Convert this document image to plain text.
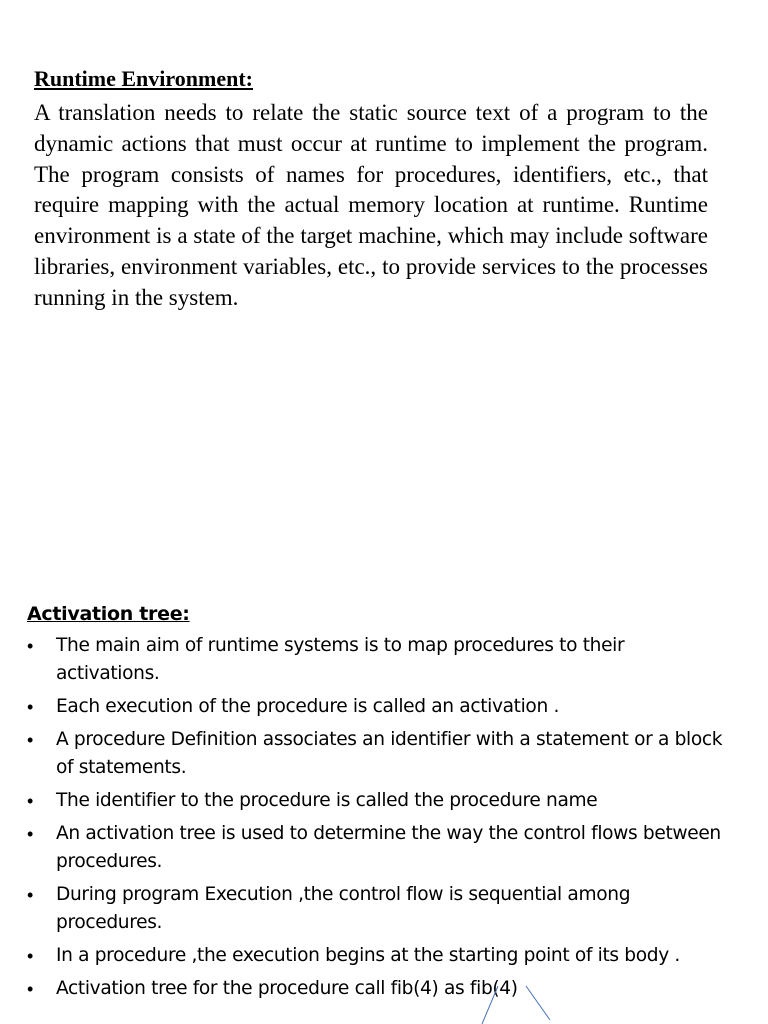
Runtime Environment:

A translation needs to relate the static source text of a program to the dynamic actions that must occur at runtime to implement the program. The program consists of names for procedures, identifiers, etc., that require mapping with the actual memory location at runtime. Runtime environment is a state of the target machine, which may include software libraries, environment variables, etc., to provide services to the processes running in the system.

Activation tree:
• The main aim of runtime systems is to map procedures to their activations.
• Each execution of the procedure is called an activation .
• A procedure Definition associates an identifier with a statement or a block of statements.
• The identifier to the procedure is called the procedure name
• An activation tree is used to determine the way the control flows between procedures.
• During program Execution ,the control flow is sequential among procedures.
• In a procedure ,the execution begins at the starting point of its body .
• Activation tree for the procedure call fib(4) as fib(4)
